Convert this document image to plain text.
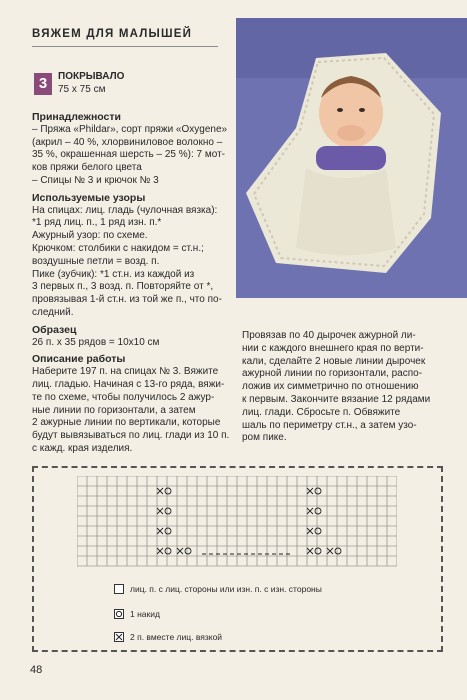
ВЯЖЕМ ДЛЯ МАЛЫШЕЙ
3	ПОКРЫВАЛО
75 x 75 см

Принадлежности

– Пряжа «Phildar», сорт пряжи «Oxygene»

(акрил – 40 %, хлорвиниловое волокно –

35 %, окрашенная шерсть – 25 %): 7 мот-

ков пряжи белого цвета

– Спицы № 3 и крючок № 3

Используемые узоры

На спицах: лиц. гладь (чулочная вязка):

*1 ряд лиц. п., 1 ряд изн. п.*

Ажурный узор: по схеме.

Крючком: столбики с накидом = ст.н.;

воздушные петли = возд. п.

Пике (зубчик): *1 ст.н. из каждой из

3 первых п., 3 возд. п. Повторяйте от *,

провязывая 1-й ст.н. из той же п., что по-

следний.

Образец

26 п. х 35 рядов = 10x10 см

Описание работы

Наберите 197 п. на спицах № 3. Вяжите

лиц. гладью. Начиная с 13-го ряда, вяжи-

те по схеме, чтобы получилось 2 ажур-

ные линии по горизонтали, а затем

2 ажурные линии по вертикали, которые

будут вывязываться по лиц. глади из 10 п.

с кажд. края изделия.

Провязав по 40 дырочек ажурной ли-

нии с каждого внешнего края по верти-

кали, сделайте 2 новые линии дырочек

ажурной линии по горизонтали, распо-

ложив их симметрично по отношению

к первым. Закончите вязание 12 рядами

лиц. глади. Сбросьте п. Обвяжите

шаль по периметру ст.н., а затем узо-

ром пике.

лиц. п. с лиц. стороны или изн. п. с изн. стороны
1 накид
2 п. вместе лиц. вязкой
48
